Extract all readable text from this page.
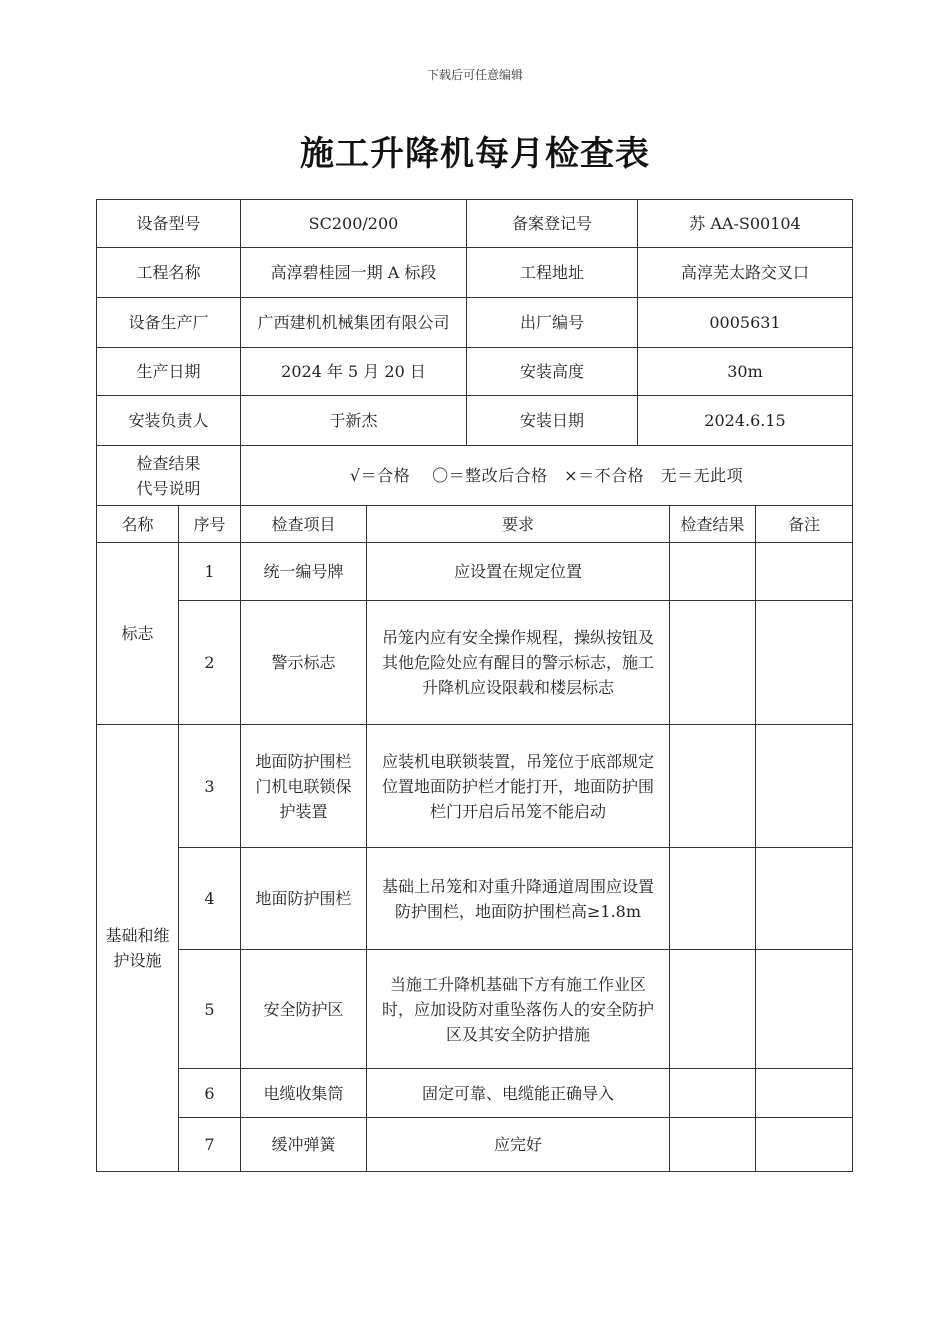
下载后可任意编辑
施工升降机每月检查表
设备型号	SC200/200	备案登记号	苏 AA-S00104
工程名称	高淳碧桂园一期 A 标段	工程地址	高淳芜太路交叉口
设备生产厂	广西建机机械集团有限公司	出厂编号	0005631
生产日期	2024 年 5 月 20 日	安装高度	30m
安装负责人	于新杰	安装日期	2024.6.15

检查结果
代号说明	√＝合格 　〇＝整改后合格　×＝不合格　无＝无此项		
名称	序号	检查项目	要求	检查结果	备注
标志	1	统一编号牌	应设置在规定位置		
	2	警示标志	吊笼内应有安全操作规程，操纵按钮及其他危险处应有醒目的警示标志，施工升降机应设限载和楼层标志		
基础和维护设施	3	地面防护围栏门机电联锁保护装置	应装机电联锁装置，吊笼位于底部规定位置地面防护栏才能打开，地面防护围栏门开启后吊笼不能启动		
	4	地面防护围栏	基础上吊笼和对重升降通道周围应设置防护围栏，地面防护围栏高≥1.8m		
	5	安全防护区	当施工升降机基础下方有施工作业区时，应加设防对重坠落伤人的安全防护区及其安全防护措施		
	6	电缆收集筒	固定可靠、电缆能正确导入		
	7	缓冲弹簧	应完好		
